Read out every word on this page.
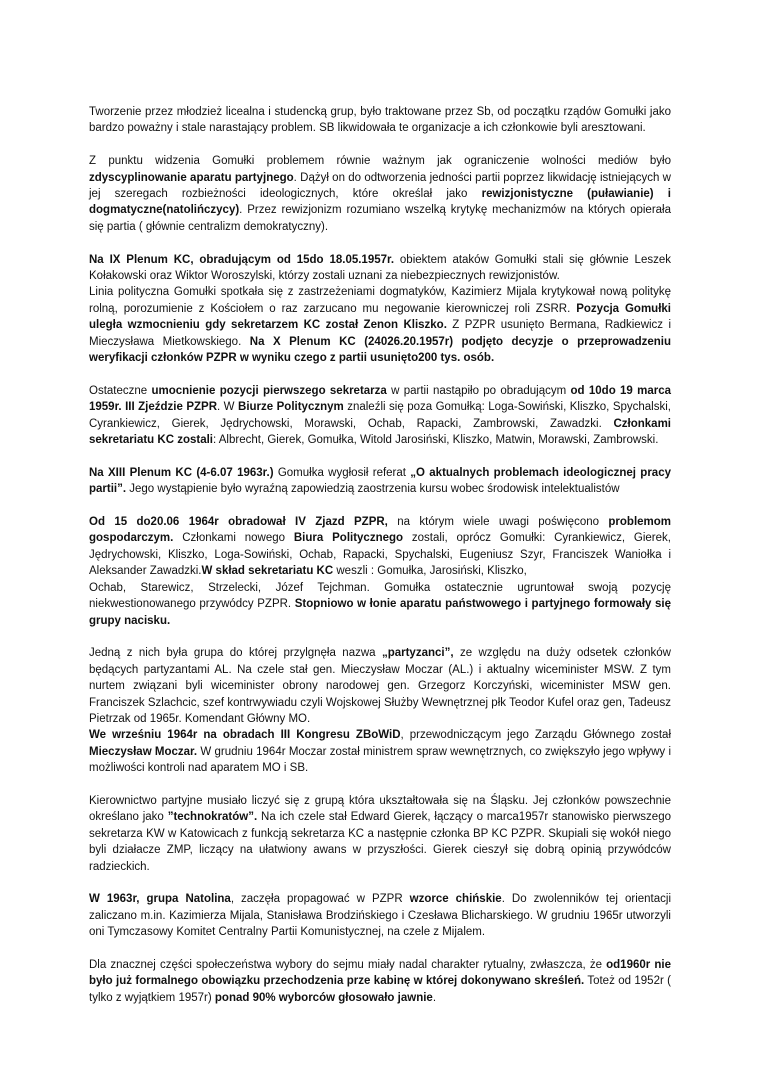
Tworzenie przez młodzież licealna i studencką grup, było traktowane przez Sb, od początku rządów Gomułki jako bardzo poważny i stale narastający problem. SB likwidowała te organizacje a ich członkowie byli aresztowani.

Z punktu widzenia Gomułki problemem równie ważnym jak ograniczenie wolności mediów było zdyscyplinowanie aparatu partyjnego. Dążył on do odtworzenia jedności partii poprzez likwidację istniejących w jej szeregach rozbieżności ideologicznych, które określał jako rewizjonistyczne (puławianie) i dogmatyczne(natolińczycy). Przez rewizjonizm rozumiano wszelką krytykę mechanizmów na których opierała się partia ( głównie centralizm demokratyczny).

Na IX Plenum KC, obradującym od 15do 18.05.1957r. obiektem ataków Gomułki stali się głównie Leszek Kołakowski oraz Wiktor Woroszylski, którzy zostali uznani za niebezpiecznych rewizjonistów.

Linia polityczna Gomułki spotkała się z zastrzeżeniami dogmatyków, Kazimierz Mijala krytykował nową politykę rolną, porozumienie z Kościołem o raz zarzucano mu negowanie kierowniczej roli ZSRR. Pozycja Gomułki uległa wzmocnieniu gdy sekretarzem KC został Zenon Kliszko. Z PZPR usunięto Bermana, Radkiewicz i Mieczysława Mietkowskiego. Na X Plenum KC (24026.20.1957r) podjęto decyzje o przeprowadzeniu weryfikacji członków PZPR w wyniku czego z partii usunięto200 tys. osób.

Ostateczne umocnienie pozycji pierwszego sekretarza w partii nastąpiło po obradującym od 10do 19 marca 1959r. III Zjeździe PZPR. W Biurze Politycznym znaleźli się poza Gomułką: Loga-Sowiński, Kliszko, Spychalski, Cyrankiewicz, Gierek, Jędrychowski, Morawski, Ochab, Rapacki, Zambrowski, Zawadzki. Członkami sekretariatu KC zostali: Albrecht, Gierek, Gomułka, Witold Jarosiński, Kliszko, Matwin, Morawski, Zambrowski.

Na XIII Plenum KC (4-6.07 1963r.) Gomułka wygłosił referat „O aktualnych problemach ideologicznej pracy partii”. Jego wystąpienie było wyraźną zapowiedzią zaostrzenia kursu wobec środowisk intelektualistów

Od 15 do20.06 1964r obradował IV Zjazd PZPR, na którym wiele uwagi poświęcono problemom gospodarczym. Członkami nowego Biura Politycznego zostali, oprócz Gomułki: Cyrankiewicz, Gierek, Jędrychowski, Kliszko, Loga-Sowiński, Ochab, Rapacki, Spychalski, Eugeniusz Szyr, Franciszek Waniołka i Aleksander Zawadzki.W skład sekretariatu KC weszli : Gomułka, Jarosiński, Kliszko,

Ochab, Starewicz, Strzelecki, Józef Tejchman. Gomułka ostatecznie ugruntował swoją pozycję niekwestionowanego przywódcy PZPR. Stopniowo w łonie aparatu państwowego i partyjnego formowały się grupy nacisku.

Jedną z nich była grupa do której przylgnęła nazwa „partyzanci”, ze względu na duży odsetek członków będących partyzantami AL. Na czele stał gen. Mieczysław Moczar (AL.) i aktualny wiceminister MSW. Z tym nurtem związani byli wiceminister obrony narodowej gen. Grzegorz Korczyński, wiceminister MSW gen. Franciszek Szlachcic, szef kontrwywiadu czyli Wojskowej Służby Wewnętrznej płk Teodor Kufel oraz gen, Tadeusz Pietrzak od 1965r. Komendant Główny MO.

We wrześniu 1964r na obradach III Kongresu ZBoWiD, przewodniczącym jego Zarządu Głównego został Mieczysław Moczar. W grudniu 1964r Moczar został ministrem spraw wewnętrznych, co zwiększyło jego wpływy i możliwości kontroli nad aparatem MO i SB.

Kierownictwo partyjne musiało liczyć się z grupą która ukształtowała się na Śląsku. Jej członków powszechnie określano jako ”technokratów”. Na ich czele stał Edward Gierek, łączący o marca1957r stanowisko pierwszego sekretarza KW w Katowicach z funkcją sekretarza KC a następnie członka BP KC PZPR. Skupiali się wokół niego byli działacze ZMP, liczący na ułatwiony awans w przyszłości. Gierek cieszył się dobrą opinią przywódców radzieckich.

W 1963r, grupa Natolina, zaczęła propagować w PZPR wzorce chińskie. Do zwolenników tej orientacji zaliczano m.in. Kazimierza Mijala, Stanisława Brodzińskiego i Czesława Blicharskiego. W grudniu 1965r utworzyli oni Tymczasowy Komitet Centralny Partii Komunistycznej, na czele z Mijalem.

Dla znacznej części społeczeństwa wybory do sejmu miały nadal charakter rytualny, zwłaszcza, że od1960r nie było już formalnego obowiązku przechodzenia prze kabinę w której dokonywano skreśleń. Toteż od 1952r ( tylko z wyjątkiem 1957r) ponad 90% wyborców głosowało jawnie.
